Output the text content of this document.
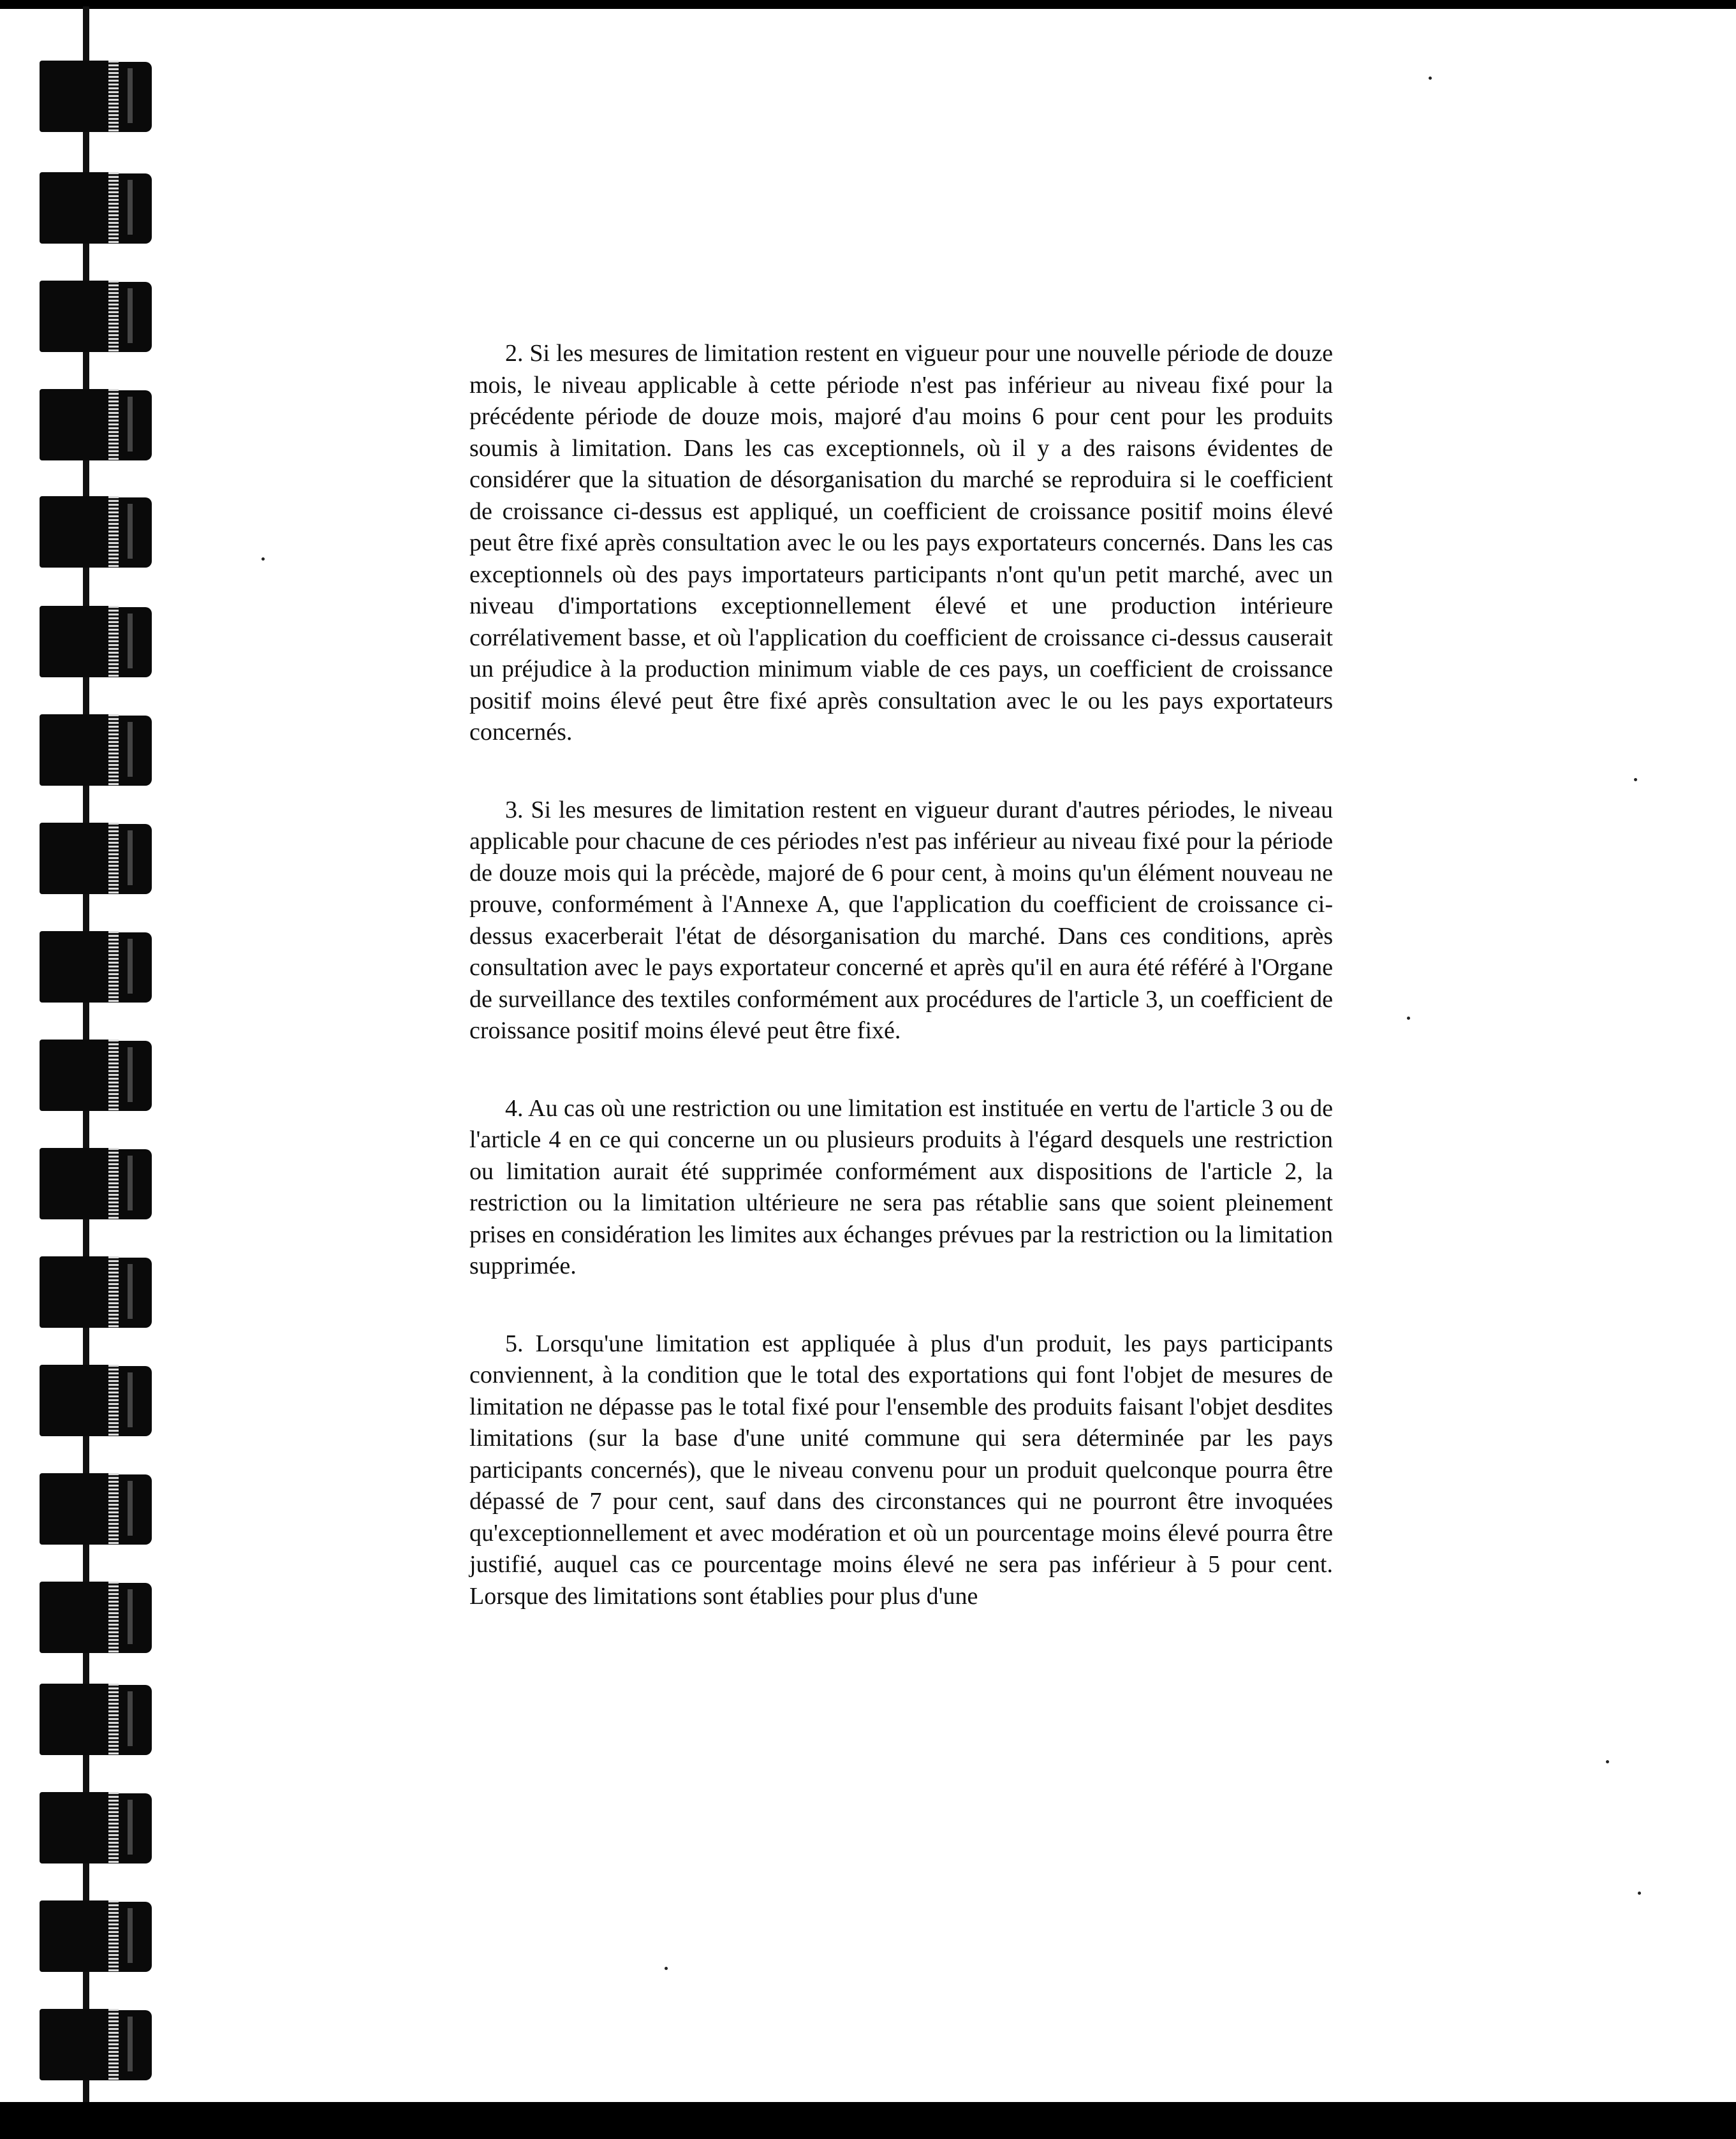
2. Si les mesures de limitation restent en vigueur pour une nouvelle période de douze mois, le niveau applicable à cette période n'est pas inférieur au niveau fixé pour la précédente période de douze mois, majoré d'au moins 6 pour cent pour les produits soumis à limitation. Dans les cas exceptionnels, où il y a des raisons évidentes de considérer que la situation de désorganisation du marché se reproduira si le coefficient de croissance ci-dessus est appliqué, un coefficient de croissance positif moins élevé peut être fixé après consultation avec le ou les pays exportateurs concernés. Dans les cas exceptionnels où des pays importateurs participants n'ont qu'un petit marché, avec un niveau d'importations exceptionnellement élevé et une production intérieure corrélativement basse, et où l'application du coefficient de croissance ci-dessus causerait un préjudice à la production minimum viable de ces pays, un coefficient de croissance positif moins élevé peut être fixé après consultation avec le ou les pays exportateurs concernés.

3. Si les mesures de limitation restent en vigueur durant d'autres périodes, le niveau applicable pour chacune de ces périodes n'est pas inférieur au niveau fixé pour la période de douze mois qui la précède, majoré de 6 pour cent, à moins qu'un élément nouveau ne prouve, conformément à l'Annexe A, que l'application du coefficient de croissance ci-dessus exacerberait l'état de désorganisation du marché. Dans ces conditions, après consultation avec le pays exportateur concerné et après qu'il en aura été référé à l'Organe de surveillance des textiles conformément aux procédures de l'article 3, un coefficient de croissance positif moins élevé peut être fixé.

4. Au cas où une restriction ou une limitation est instituée en vertu de l'article 3 ou de l'article 4 en ce qui concerne un ou plusieurs produits à l'égard desquels une restriction ou limitation aurait été supprimée conformément aux dispositions de l'article 2, la restriction ou la limitation ultérieure ne sera pas rétablie sans que soient pleinement prises en considération les limites aux échanges prévues par la restriction ou la limitation supprimée.

5. Lorsqu'une limitation est appliquée à plus d'un produit, les pays participants conviennent, à la condition que le total des exportations qui font l'objet de mesures de limitation ne dépasse pas le total fixé pour l'ensemble des produits faisant l'objet desdites limitations (sur la base d'une unité commune qui sera déterminée par les pays participants concernés), que le niveau convenu pour un produit quelconque pourra être dépassé de 7 pour cent, sauf dans des circonstances qui ne pourront être invoquées qu'exceptionnellement et avec modération et où un pourcentage moins élevé pourra être justifié, auquel cas ce pourcentage moins élevé ne sera pas inférieur à 5 pour cent. Lorsque des limitations sont établies pour plus d'une
